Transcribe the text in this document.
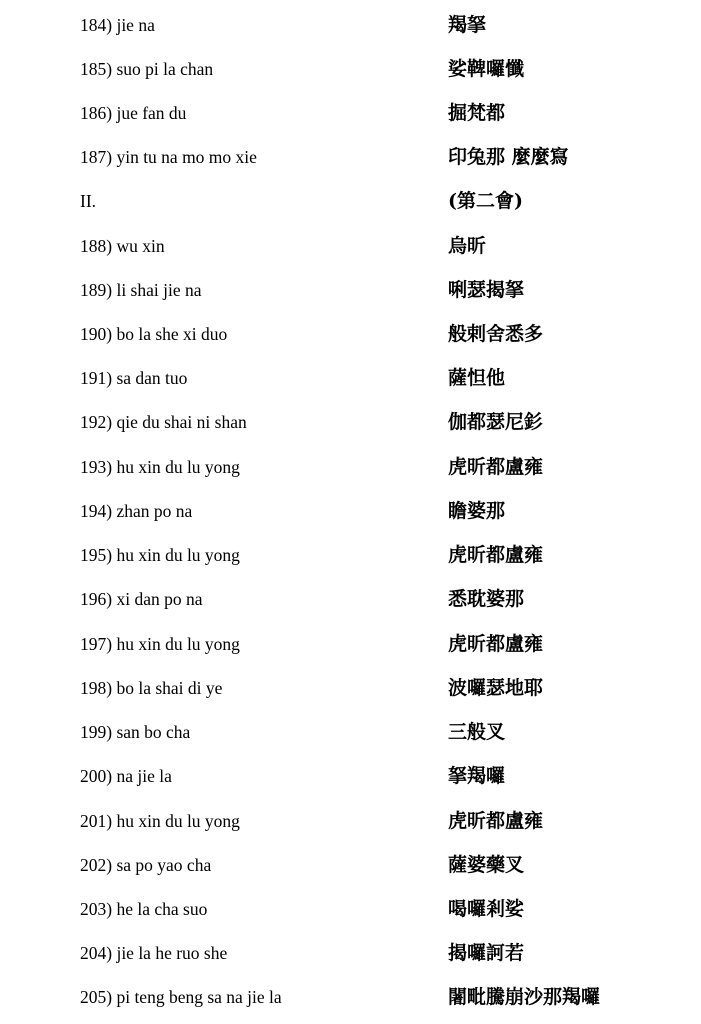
184) jie na	羯拏
185) suo pi la chan	娑鞞囉懺
186) jue fan du	掘梵都
187) yin tu na mo mo xie	印兔那 麼麼寫
II.	(第二會)
188) wu xin	烏昕
189) li shai jie na	唎瑟揭拏
190) bo la she xi duo	般剌舍悉多
191) sa dan tuo	薩怛他
192) qie du shai ni shan	伽都瑟尼釤
193) hu xin du lu yong	虎昕都盧雍
194) zhan po na	瞻婆那
195) hu xin du lu yong	虎昕都盧雍
196) xi dan po na	悉耽婆那
197) hu xin du lu yong	虎昕都盧雍
198) bo la shai di ye	波囉瑟地耶
199) san bo cha	三般叉
200) na jie la	拏羯囉
201) hu xin du lu yong	虎昕都盧雍
202) sa po yao cha	薩婆藥叉
203) he la cha suo	喝囉剎娑
204) jie la he ruo she	揭囉訶若
205) pi teng beng sa na jie la	闍毗騰崩沙那羯囉
